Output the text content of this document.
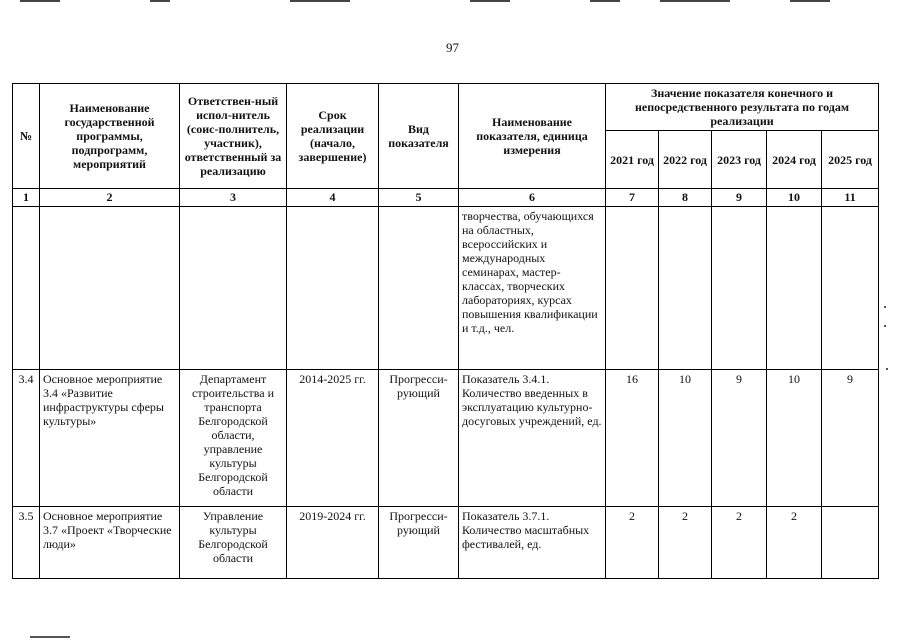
97
№	Наименование государственной программы, подпрограмм, мероприятий	Ответствен-ный испол-нитель (соис-полнитель, участник), ответственный за реализацию	Срок реализации (начало, завершение)	Вид показателя	Наименование показателя, единица измерения	Значение показателя конечного и непосредственного результата по годам реализации				
						2021 год	2022 год	2023 год	2024 год	2025 год
1	2	3	4	5	6	7	8	9	10	11
					творчества, обучающихся на областных, всероссийских и международных семинарах, мастер-классах, творческих лабораториях, курсах повышения квалификации и т.д., чел.					
3.4	Основное мероприятие 3.4 «Развитие инфраструктуры сферы культуры»	Департамент строительства и транспорта Белгородской области, управление культуры Белгородской области	2014-2025 гг.	Прогресси-рующий	Показатель 3.4.1. Количество введенных в эксплуатацию культурно-досуговых учреждений, ед.	16	10	9	10	9
3.5	Основное мероприятие 3.7 «Проект «Творческие люди»	Управление культуры Белгородской области	2019-2024 гг.	Прогресси-рующий	Показатель 3.7.1. Количество масштабных фестивалей, ед.	2	2	2	2	
